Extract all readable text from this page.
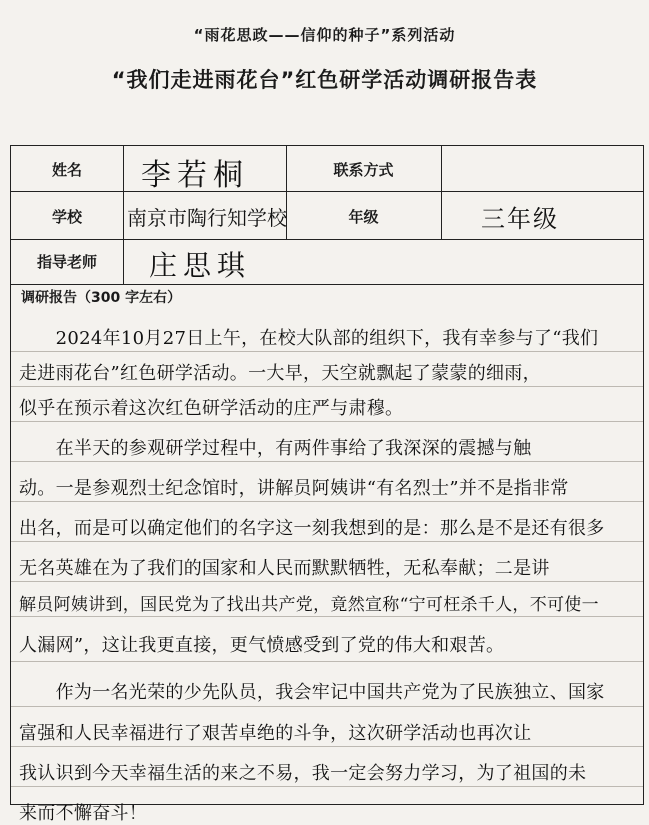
“雨花思政——信仰的种子”系列活动
“我们走进雨花台”红色研学活动调研报告表
姓名	李若桐	联系方式
学校	南京市陶行知学校	年级	三年级
指导老师	庄思琪
调研报告（300 字左右）
　　2024年10月27日上午，在校大队部的组织下，我有幸参与了“我们
走进雨花台”红色研学活动。一大早，天空就飘起了蒙蒙的细雨，
似乎在预示着这次红色研学活动的庄严与肃穆。
　　在半天的参观研学过程中，有两件事给了我深深的震撼与触
动。一是参观烈士纪念馆时，讲解员阿姨讲“有名烈士”并不是指非常
出名，而是可以确定他们的名字这一刻我想到的是：那么是不是还有很多
无名英雄在为了我们的国家和人民而默默牺牲，无私奉献；二是讲
解员阿姨讲到，国民党为了找出共产党，竟然宣称“宁可枉杀千人，不可使一
人漏网”，这让我更直接，更气愤感受到了党的伟大和艰苦。
　　作为一名光荣的少先队员，我会牢记中国共产党为了民族独立、国家
富强和人民幸福进行了艰苦卓绝的斗争，这次研学活动也再次让
我认识到今天幸福生活的来之不易，我一定会努力学习，为了祖国的未
来而不懈奋斗！
